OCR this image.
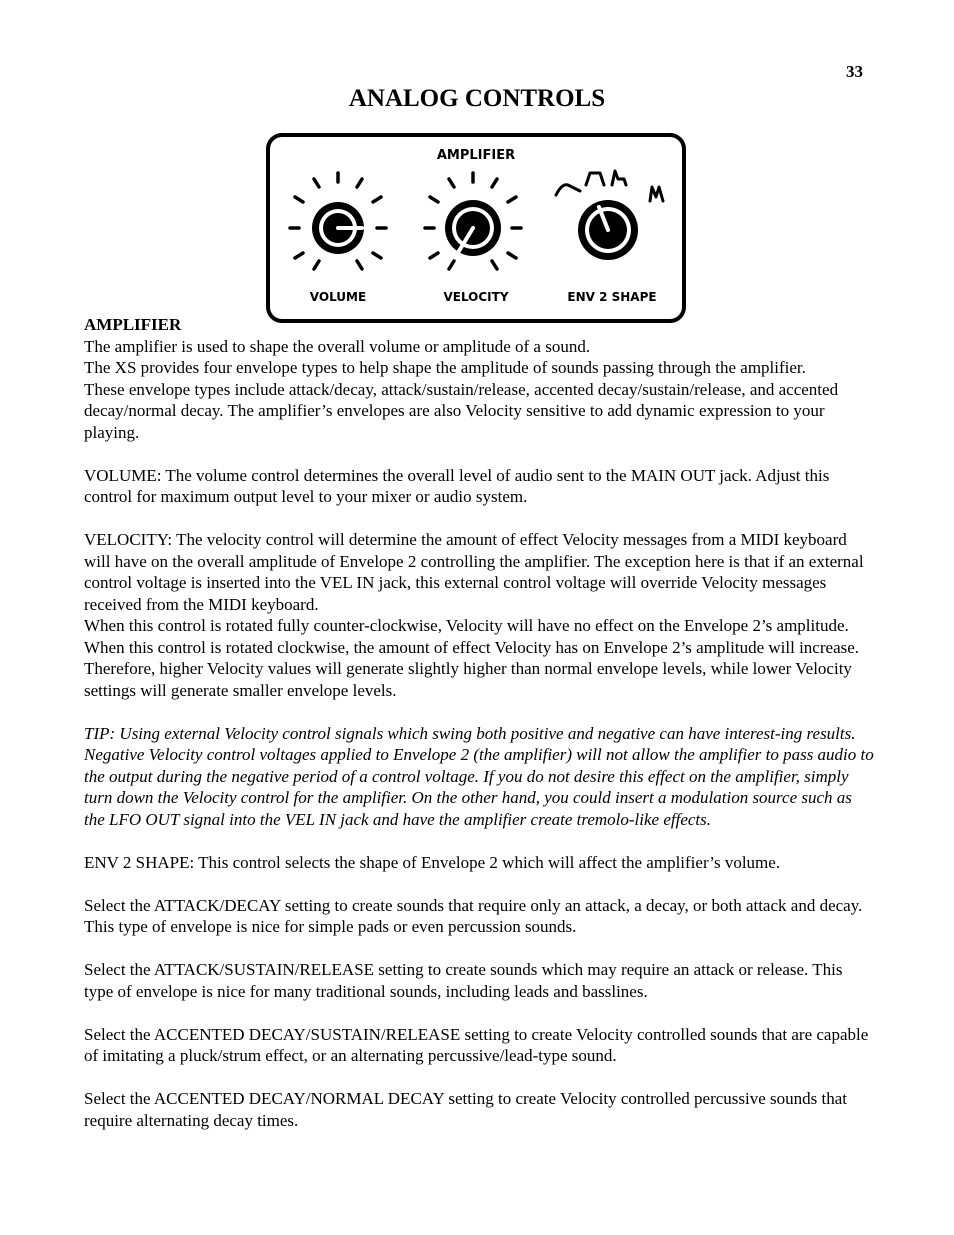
33
ANALOG CONTROLS
AMPLIFIER
VOLUME	VELOCITY	ENV 2 SHAPE

AMPLIFIER

The amplifier is used to shape the overall volume or amplitude of a sound.

The XS provides four envelope types to help shape the amplitude of sounds passing through the amplifier.

These envelope types include attack/decay, attack/sustain/release, accented decay/sustain/release, and accented decay/normal decay. The amplifier’s envelopes are also Velocity sensitive to add dynamic expression to your playing.

VOLUME: The volume control determines the overall level of audio sent to the MAIN OUT jack. Adjust this control for maximum output level to your mixer or audio system.

VELOCITY: The velocity control will determine the amount of effect Velocity messages from a MIDI keyboard will have on the overall amplitude of Envelope 2 controlling the amplifier. The exception here is that if an external control voltage is inserted into the VEL IN jack, this external control voltage will override Velocity messages received from the MIDI keyboard.

When this control is rotated fully counter-clockwise, Velocity will have no effect on the Envelope 2’s amplitude. When this control is rotated clockwise, the amount of effect Velocity has on Envelope 2’s amplitude will increase. Therefore, higher Velocity values will generate slightly higher than normal envelope levels, while lower Velocity settings will generate smaller envelope levels.

TIP: Using external Velocity control signals which swing both positive and negative can have interest-ing results. Negative Velocity control voltages applied to Envelope 2 (the amplifier) will not allow the amplifier to pass audio to the output during the negative period of a control voltage. If you do not desire this effect on the amplifier, simply turn down the Velocity control for the amplifier. On the other hand, you could insert a modulation source such as the LFO OUT signal into the VEL IN jack and have the amplifier create tremolo-like effects.

ENV 2 SHAPE: This control selects the shape of Envelope 2 which will affect the amplifier’s volume.

Select the ATTACK/DECAY setting to create sounds that require only an attack, a decay, or both attack and decay. This type of envelope is nice for simple pads or even percussion sounds.

Select the ATTACK/SUSTAIN/RELEASE setting to create sounds which may require an attack or release. This type of envelope is nice for many traditional sounds, including leads and basslines.

Select the ACCENTED DECAY/SUSTAIN/RELEASE setting to create Velocity controlled sounds that are capable of imitating a pluck/strum effect, or an alternating percussive/lead-type sound.

Select the ACCENTED DECAY/NORMAL DECAY setting to create Velocity controlled percussive sounds that require alternating decay times.
